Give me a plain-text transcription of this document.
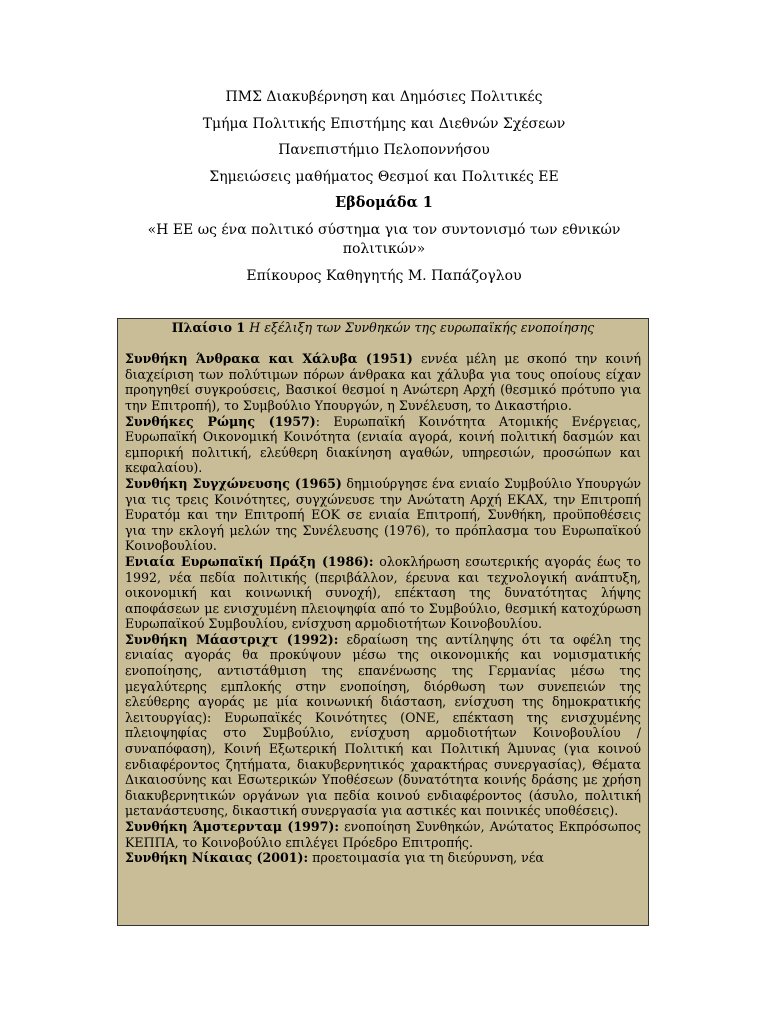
ΠΜΣ Διακυβέρνηση και Δημόσιες Πολιτικές
Τμήμα Πολιτικής Επιστήμης και Διεθνών Σχέσεων
Πανεπιστήμιο Πελοποννήσου
Σημειώσεις μαθήματος Θεσμοί και Πολιτικές ΕΕ
Εβδομάδα 1
«Η ΕΕ ως ένα πολιτικό σύστημα για τον συντονισμό των εθνικών πολιτικών»
Επίκουρος Καθηγητής Μ. Παπάζογλου
Πλαίσιο 1 Η εξέλιξη των Συνθηκών της ευρωπαϊκής ενοποίησης

Συνθήκη Άνθρακα και Χάλυβα (1951) εννέα μέλη με σκοπό την κοινή διαχείριση των πολύτιμων πόρων άνθρακα και χάλυβα για τους οποίους είχαν προηγηθεί συγκρούσεις, Βασικοί θεσμοί η Ανώτερη Αρχή (θεσμικό πρότυπο για την Επιτροπή), το Συμβούλιο Υπουργών, η Συνέλευση, το Δικαστήριο.

Συνθήκες Ρώμης (1957): Ευρωπαϊκή Κοινότητα Ατομικής Ενέργειας, Ευρωπαϊκή Οικονομική Κοινότητα (ενιαία αγορά, κοινή πολιτική δασμών και εμπορική πολιτική, ελεύθερη διακίνηση αγαθών, υπηρεσιών, προσώπων και κεφαλαίου).

Συνθήκη Συγχώνευσης (1965) δημιούργησε ένα ενιαίο Συμβούλιο Υπουργών για τις τρεις Κοινότητες, συγχώνευσε την Ανώτατη Αρχή ΕΚΑΧ, την Επιτροπή Ευρατόμ και την Επιτροπή ΕΟΚ σε ενιαία Επιτροπή, Συνθήκη, προϋποθέσεις για την εκλογή μελών της Συνέλευσης (1976), το πρόπλασμα του Ευρωπαϊκού Κοινοβουλίου.

Ενιαία Ευρωπαϊκή Πράξη (1986): ολοκλήρωση εσωτερικής αγοράς έως το 1992, νέα πεδία πολιτικής (περιβάλλον, έρευνα και τεχνολογική ανάπτυξη, οικονομική και κοινωνική συνοχή), επέκταση της δυνατότητας λήψης αποφάσεων με ενισχυμένη πλειοψηφία από το Συμβούλιο, θεσμική κατοχύρωση Ευρωπαϊκού Συμβουλίου, ενίσχυση αρμοδιοτήτων Κοινοβουλίου.

Συνθήκη Μάαστριχτ (1992): εδραίωση της αντίληψης ότι τα οφέλη της ενιαίας αγοράς θα προκύψουν μέσω της οικονομικής και νομισματικής ενοποίησης, αντιστάθμιση της επανένωσης της Γερμανίας μέσω της μεγαλύτερης εμπλοκής στην ενοποίηση, διόρθωση των συνεπειών της ελεύθερης αγοράς με μία κοινωνική διάσταση, ενίσχυση της δημοκρατικής λειτουργίας): Ευρωπαϊκές Κοινότητες (ΟΝΕ, επέκταση της ενισχυμένης πλειοψηφίας στο Συμβούλιο, ενίσχυση αρμοδιοτήτων Κοινοβουλίου / συναπόφαση), Κοινή Εξωτερική Πολιτική και Πολιτική Άμυνας (για κοινού ενδιαφέροντος ζητήματα, διακυβερνητικός χαρακτήρας συνεργασίας), Θέματα Δικαιοσύνης και Εσωτερικών Υποθέσεων (δυνατότητα κοινής δράσης με χρήση διακυβερνητικών οργάνων για πεδία κοινού ενδιαφέροντος (άσυλο, πολιτική μετανάστευσης, δικαστική συνεργασία για αστικές και ποινικές υποθέσεις).

Συνθήκη Άμστερνταμ (1997): ενοποίηση Συνθηκών, Ανώτατος Εκπρόσωπος ΚΕΠΠΑ, το Κοινοβούλιο επιλέγει Πρόεδρο Επιτροπής.

Συνθήκη Νίκαιας (2001): προετοιμασία για τη διεύρυνση, νέα
